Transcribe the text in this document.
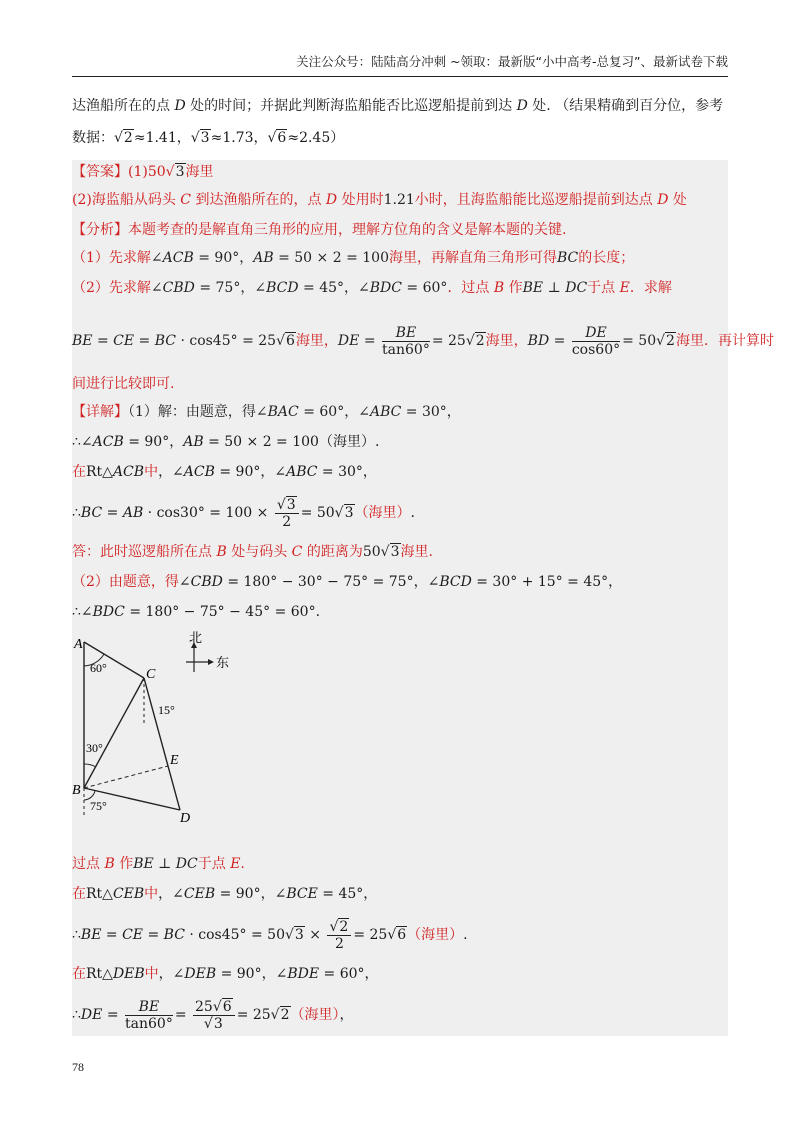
关注公众号：陆陆高分冲刺 ~领取：最新版“小中高考-总复习”、最新试卷下载
达渔船所在的点 D 处的时间；并据此判断海监船能否比巡逻船提前到达 D 处. （结果精确到百分位，参考
数据：√2≈1.41，√3≈1.73，√6≈2.45）
【答案】(1)50√3海里
(2)海监船从码头 C 到达渔船所在的，点 D 处用时1.21小时，且海监船能比巡逻船提前到达点 D 处
【分析】本题考查的是解直角三角形的应用，理解方位角的含义是解本题的关键.
（1）先求解∠ACB = 90°，AB = 50 × 2 = 100海里，再解直角三角形可得BC的长度；
（2）先求解∠CBD = 75°，∠BCD = 45°，∠BDC = 60°．过点 B 作BE ⊥ DC于点 E．求解
BE = CE = BC · cos45° = 25√6海里，DE = $\frac{BE}{\tan 60^\circ} = 25√2$海里，BD = $\frac{DE}{\cos 60^\circ} = 50√2$海里．再计算时
间进行比较即可.
【详解】（1）解：由题意，得∠BAC = 60°，∠ABC = 30°，
∴∠ACB = 90°，AB = 50 × 2 = 100（海里）.
在Rt△ACB中，∠ACB = 90°，∠ABC = 30°，
∴BC = AB · $\cos 30^\circ = 100 \times \frac{√3}{2} = 50√3$（海里）.
答：此时巡逻船所在点 B 处与码头 C 的距离为50√3海里.
（2）由题意，得∠CBD = 180° − 30° − 75° = 75°，∠BCD = 30° + 15° = 45°，
∴∠BDC = 180° − 75° − 45° = 60°.
A
60°	C
15°
30°
E
B
75°
D
北
东
过点 B 作BE ⊥ DC于点 E.
在Rt△CEB中，∠CEB = 90°，∠BCE = 45°，
∴BE = CE = BC · $\cos 45^\circ = 50√3 \times \frac{√2}{2} = 25√6$（海里）.
在Rt△DEB中，∠DEB = 90°，∠BDE = 60°，
∴DE = $\frac{BE}{\tan 60^\circ} = \frac{25√6}{√3} = 25√2$（海里），
78
